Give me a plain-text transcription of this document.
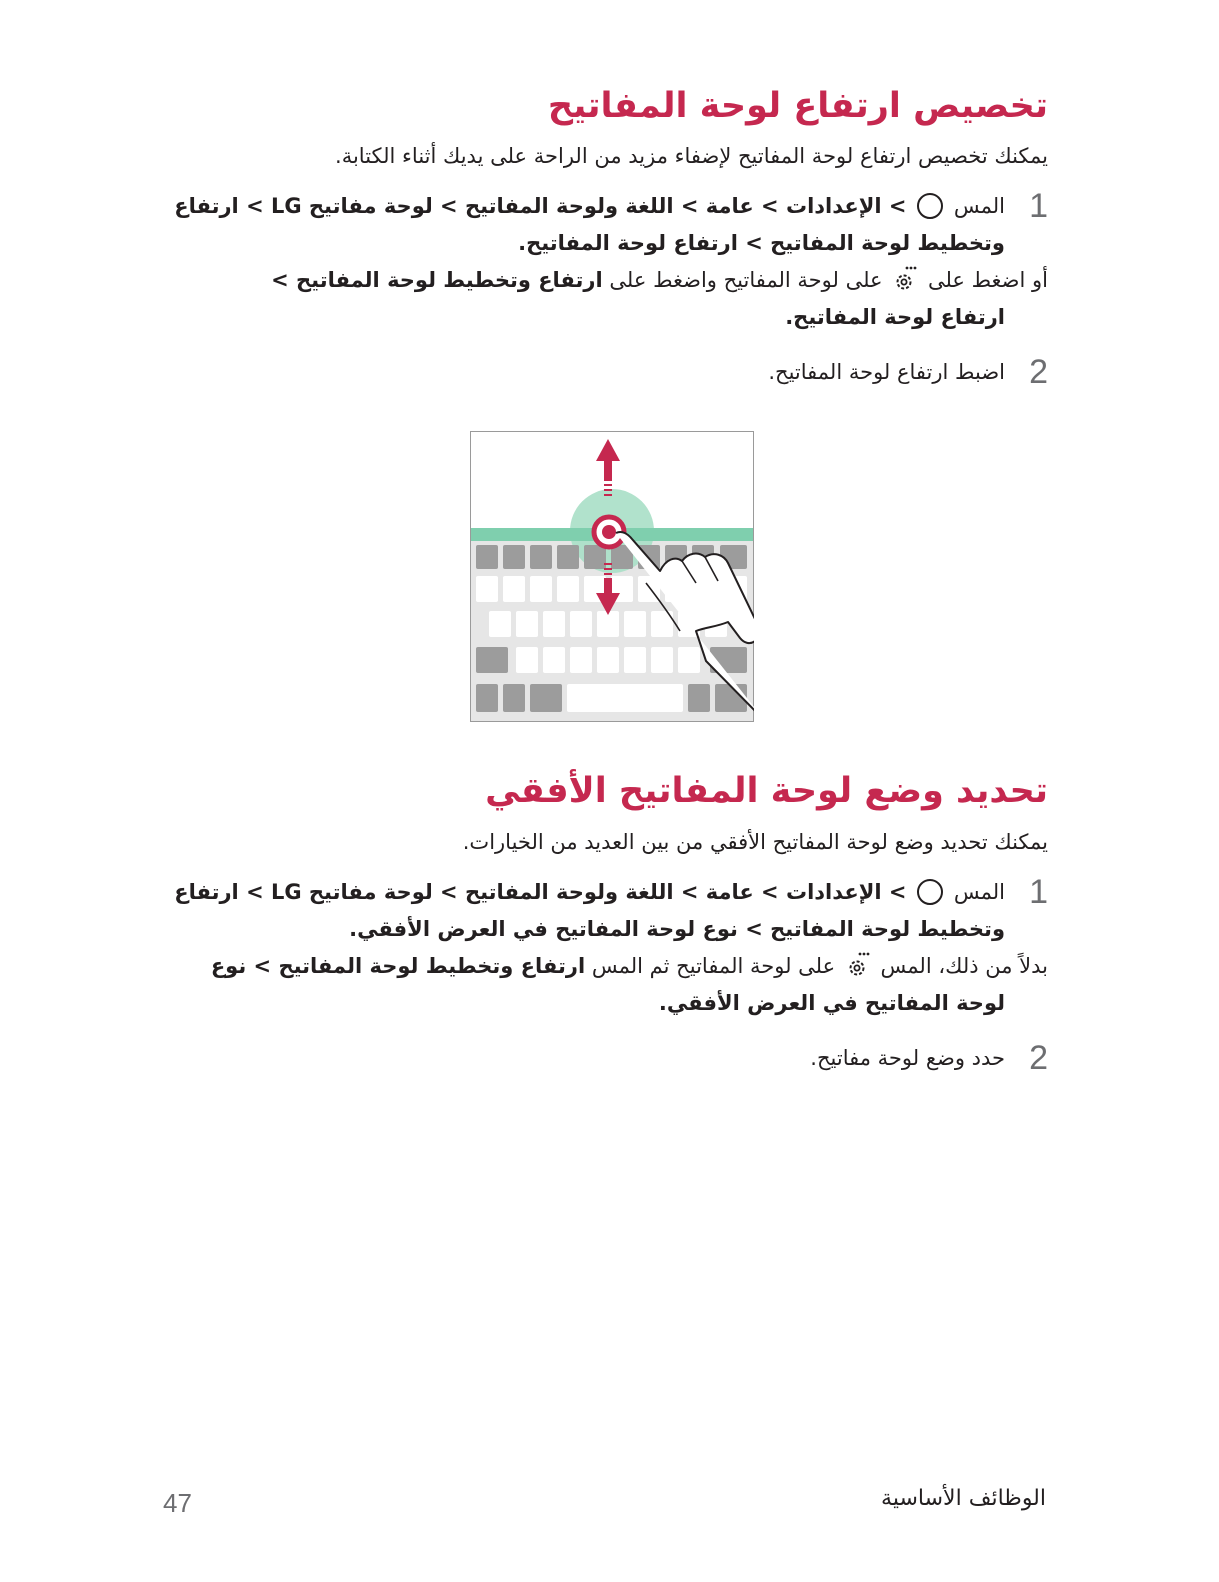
تخصيص ارتفاع لوحة المفاتيح
يمكنك تخصيص ارتفاع لوحة المفاتيح لإضفاء مزيد من الراحة على يديك أثناء الكتابة.
1
المس  > الإعدادات > عامة > اللغة ولوحة المفاتيح > لوحة مفاتيح LG > ارتفاع
وتخطيط لوحة المفاتيح > ارتفاع لوحة المفاتيح.
أو اضغط على  على لوحة المفاتيح واضغط على ارتفاع وتخطيط لوحة المفاتيح >
ارتفاع لوحة المفاتيح.
2
اضبط ارتفاع لوحة المفاتيح.
تحديد وضع لوحة المفاتيح الأفقي
يمكنك تحديد وضع لوحة المفاتيح الأفقي من بين العديد من الخيارات.
1
المس  > الإعدادات > عامة > اللغة ولوحة المفاتيح > لوحة مفاتيح LG > ارتفاع
وتخطيط لوحة المفاتيح > نوع لوحة المفاتيح في العرض الأفقي.
بدلاً من ذلك، المس  على لوحة المفاتيح ثم المس ارتفاع وتخطيط لوحة المفاتيح > نوع
لوحة المفاتيح في العرض الأفقي.
2
حدد وضع لوحة مفاتيح.
47	الوظائف الأساسية
